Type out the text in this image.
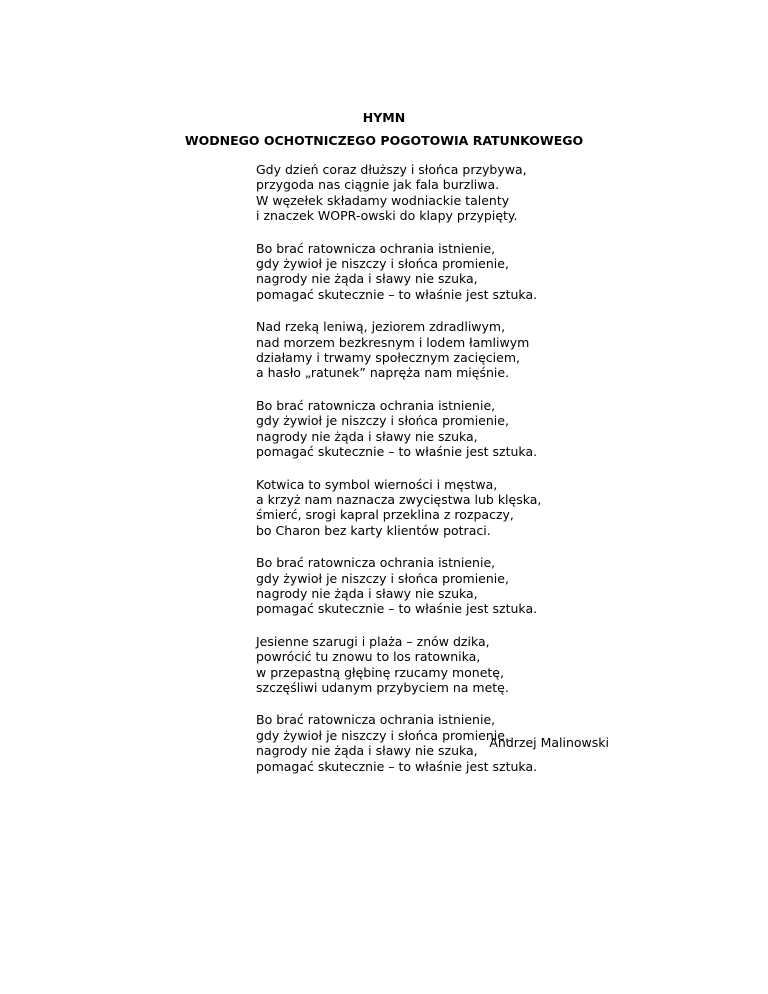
HYMN
WODNEGO OCHOTNICZEGO POGOTOWIA RATUNKOWEGO
Gdy dzień coraz dłuższy i słońca przybywa,
przygoda nas ciągnie jak fala burzliwa.
W węzełek składamy wodniackie talenty
i znaczek WOPR-owski do klapy przypięty.
Bo brać ratownicza ochrania istnienie,
gdy żywioł je niszczy i słońca promienie,
nagrody nie żąda i sławy nie szuka,
pomagać skutecznie – to właśnie jest sztuka.
Nad rzeką leniwą, jeziorem zdradliwym,
nad morzem bezkresnym i lodem łamliwym
działamy i trwamy społecznym zacięciem,
a hasło „ratunek” napręża nam mięśnie.
Bo brać ratownicza ochrania istnienie,
gdy żywioł je niszczy i słońca promienie,
nagrody nie żąda i sławy nie szuka,
pomagać skutecznie – to właśnie jest sztuka.
Kotwica to symbol wierności i męstwa,
a krzyż nam naznacza zwycięstwa lub klęska,
śmierć, srogi kapral przeklina z rozpaczy,
bo Charon bez karty klientów potraci.
Bo brać ratownicza ochrania istnienie,
gdy żywioł je niszczy i słońca promienie,
nagrody nie żąda i sławy nie szuka,
pomagać skutecznie – to właśnie jest sztuka.
Jesienne szarugi i plaża – znów dzika,
powrócić tu znowu to los ratownika,
w przepastną głębinę rzucamy monetę,
szczęśliwi udanym przybyciem na metę.
Bo brać ratownicza ochrania istnienie,
gdy żywioł je niszczy i słońca promienie,
nagrody nie żąda i sławy nie szuka,
pomagać skutecznie – to właśnie jest sztuka.
Andrzej Malinowski
